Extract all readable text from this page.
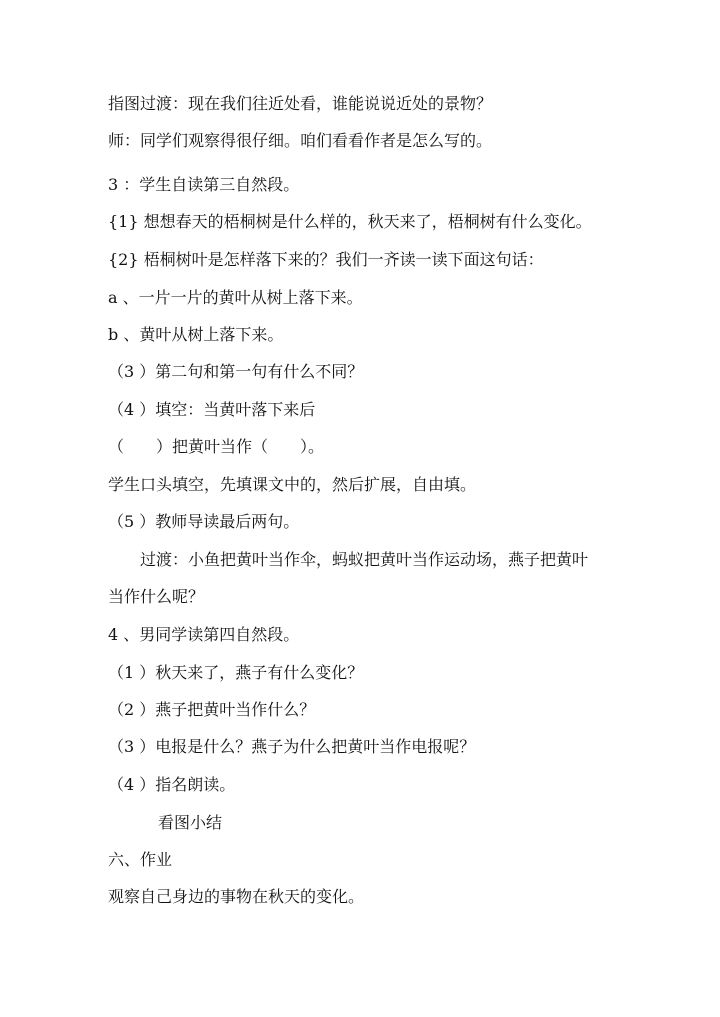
指图过渡：现在我们往近处看，谁能说说近处的景物？
师：同学们观察得很仔细。咱们看看作者是怎么写的。
3 ：学生自读第三自然段。
{1} 想想春天的梧桐树是什么样的，秋天来了，梧桐树有什么变化。
{2} 梧桐树叶是怎样落下来的？我们一齐读一读下面这句话：
a 、一片一片的黄叶从树上落下来。
b 、黄叶从树上落下来。
（3 ）第二句和第一句有什么不同？
（4 ）填空：当黄叶落下来后
（　　）把黄叶当作（　　）。
学生口头填空，先填课文中的，然后扩展，自由填。
（5 ）教师导读最后两句。
过渡：小鱼把黄叶当作伞，蚂蚁把黄叶当作运动场，燕子把黄叶
当作什么呢？
4 、男同学读第四自然段。
（1 ）秋天来了，燕子有什么变化？
（2 ）燕子把黄叶当作什么？
（3 ）电报是什么？燕子为什么把黄叶当作电报呢？
（4 ）指名朗读。
看图小结
六、作业
观察自己身边的事物在秋天的变化。
